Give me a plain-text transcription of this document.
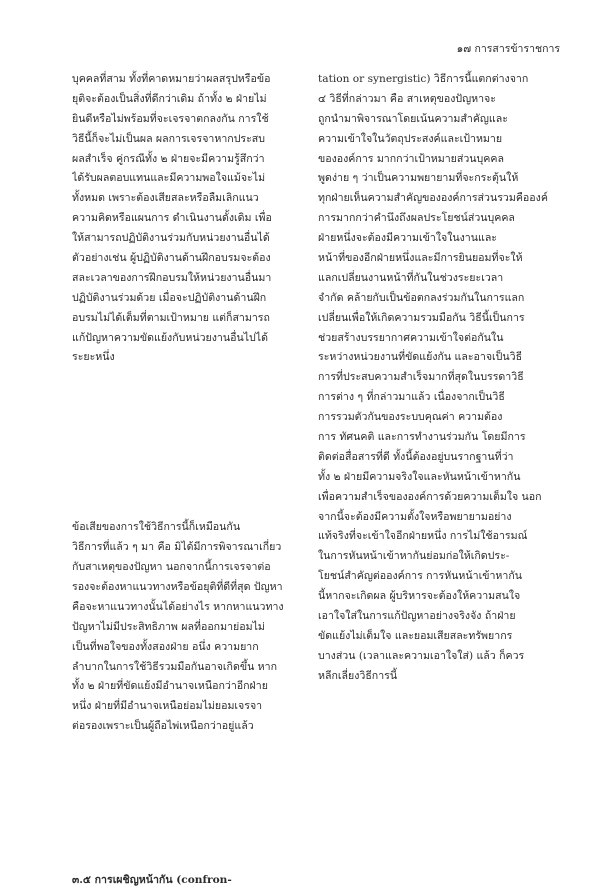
๑๗ การสารข้าราชการ
บุคคลที่สาม ทั้งที่คาดหมายว่าผลสรุปหรือข้อ
ยุติจะต้องเป็นสิ่งที่ดีกว่าเดิม ถ้าทั้ง ๒ ฝ่ายไม่
ยินดีหรือไม่พร้อมที่จะเจรจาตกลงกัน การใช้
วิธีนี้ก็จะไม่เป็นผล ผลการเจรจาหากประสบ
ผลสำเร็จ คู่กรณีทั้ง ๒ ฝ่ายจะมีความรู้สึกว่า
ได้รับผลตอบแทนและมีความพอใจแม้จะไม่
ทั้งหมด เพราะต้องเสียสละหรือลืมเลิกแนว
ความคิดหรือแผนการ ดำเนินงานดั้งเดิม เพื่อ
ให้สามารถปฏิบัติงานร่วมกับหน่วยงานอื่นได้
ตัวอย่างเช่น ผู้ปฏิบัติงานด้านฝึกอบรมจะต้อง
สละเวลาของการฝึกอบรมให้หน่วยงานอื่นมา
ปฏิบัติงานร่วมด้วย เมื่อจะปฏิบัติงานด้านฝึก
อบรมไม่ได้เต็มที่ตามเป้าหมาย แต่ก็สามารถ
แก้ปัญหาความขัดแย้งกับหน่วยงานอื่นไปได้
ระยะหนึ่ง
ข้อเสียของการใช้วิธีการนี้ก็เหมือนกัน
วิธีการที่แล้ว ๆ มา คือ มิได้มีการพิจารณาเกี่ยว
กับสาเหตุของปัญหา นอกจากนี้การเจรจาต่อ
รองจะต้องหาแนวทางหรือข้อยุติที่ดีที่สุด ปัญหา
คือจะหาแนวทางนั้นได้อย่างไร หากหาแนวทาง
ปัญหาไม่มีประสิทธิภาพ ผลที่ออกมาย่อมไม่
เป็นที่พอใจของทั้งสองฝ่าย อนึ่ง ความยาก
ลำบากในการใช้วิธีรวมมือกันอาจเกิดขึ้น หาก
ทั้ง ๒ ฝ่ายที่ขัดแย้งมีอำนาจเหนือกว่าอีกฝ่าย
หนึ่ง ฝ่ายที่มีอำนาจเหนือย่อมไม่ยอมเจรจา
ต่อรองเพราะเป็นผู้ถือไพ่เหนือกว่าอยู่แล้ว
๓.๕ การเผชิญหน้ากัน (confron-
tation or synergistic) วิธีการนี้แตกต่างจาก
๔ วิธีที่กล่าวมา คือ สาเหตุของปัญหาจะ
ถูกนำมาพิจารณาโดยเน้นความสำคัญและ
ความเข้าใจในวัตถุประสงค์และเป้าหมาย
ขององค์การ มากกว่าเป้าหมายส่วนบุคคล
พูดง่าย ๆ ว่าเป็นความพยายามที่จะกระตุ้นให้
ทุกฝ่ายเห็นความสำคัญขององค์การส่วนรวมคือองค์
การมากกว่าคำนึงถึงผลประโยชน์ส่วนบุคคล
ฝ่ายหนึ่งจะต้องมีความเข้าใจในงานและ
หน้าที่ของอีกฝ่ายหนึ่งและมีการยินยอมที่จะให้
แลกเปลี่ยนงานหน้าที่กันในช่วงระยะเวลา
จำกัด คล้ายกับเป็นข้อตกลงร่วมกันในการแลก
เปลี่ยนเพื่อให้เกิดความรวมมือกัน วิธีนี้เป็นการ
ช่วยสร้างบรรยากาศความเข้าใจต่อกันใน
ระหว่างหน่วยงานที่ขัดแย้งกัน และอาจเป็นวิธี
การที่ประสบความสำเร็จมากที่สุดในบรรดาวิธี
การต่าง ๆ ที่กล่าวมาแล้ว เนื่องจากเป็นวิธี
การรวมตัวกันของระบบคุณค่า ความต้อง
การ ทัศนคติ และการทำงานร่วมกัน โดยมีการ
ติดต่อสื่อสารที่ดี ทั้งนี้ต้องอยู่บนรากฐานที่ว่า
ทั้ง ๒ ฝ่ายมีความจริงใจและหันหน้าเข้าหากัน
เพื่อความสำเร็จขององค์การด้วยความเต็มใจ นอก
จากนี้จะต้องมีความตั้งใจหรือพยายามอย่าง
แท้จริงที่จะเข้าใจอีกฝ่ายหนึ่ง การไม่ใช้อารมณ์
ในการหันหน้าเข้าหากันย่อมก่อให้เกิดประ-
โยชน์สำคัญต่อองค์การ การหันหน้าเข้าหากัน
นี้หากจะเกิดผล ผู้บริหารจะต้องให้ความสนใจ
เอาใจใส่ในการแก้ปัญหาอย่างจริงจัง ถ้าฝ่าย
ขัดแย้งไม่เต็มใจ และยอมเสียสละทรัพยากร
บางส่วน (เวลาและความเอาใจใส่) แล้ว ก็ควร
หลีกเลี่ยงวิธีการนี้
